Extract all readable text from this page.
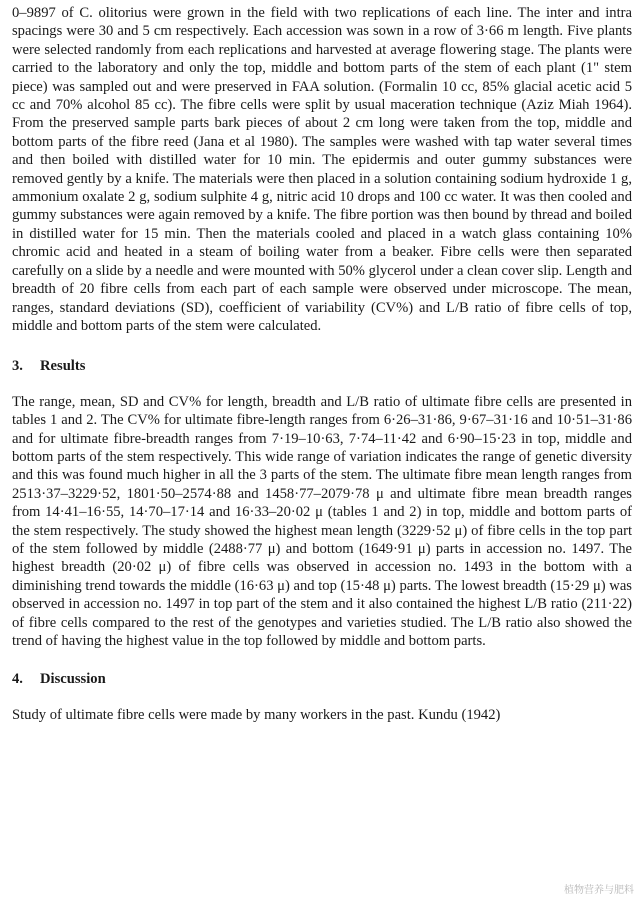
0–9897 of C. olitorius were grown in the field with two replications of each line. The inter and intra spacings were 30 and 5 cm respectively. Each accession was sown in a row of 3·66 m length. Five plants were selected randomly from each replications and harvested at average flowering stage. The plants were carried to the laboratory and only the top, middle and bottom parts of the stem of each plant (1" stem piece) was sampled out and were preserved in FAA solution. (Formalin 10 cc, 85% glacial acetic acid 5 cc and 70% alcohol 85 cc). The fibre cells were split by usual maceration technique (Aziz Miah 1964). From the preserved sample parts bark pieces of about 2 cm long were taken from the top, middle and bottom parts of the fibre reed (Jana et al 1980). The samples were washed with tap water several times and then boiled with distilled water for 10 min. The epidermis and outer gummy substances were removed gently by a knife. The materials were then placed in a solution containing sodium hydroxide 1 g, ammonium oxalate 2 g, sodium sulphite 4 g, nitric acid 10 drops and 100 cc water. It was then cooled and gummy substances were again removed by a knife. The fibre portion was then bound by thread and boiled in distilled water for 15 min. Then the materials cooled and placed in a watch glass containing 10% chromic acid and heated in a steam of boiling water from a beaker. Fibre cells were then separated carefully on a slide by a needle and were mounted with 50% glycerol under a clean cover slip. Length and breadth of 20 fibre cells from each part of each sample were observed under microscope. The mean, ranges, standard deviations (SD), coefficient of variability (CV%) and L/B ratio of fibre cells of top, middle and bottom parts of the stem were calculated.

3. Results

The range, mean, SD and CV% for length, breadth and L/B ratio of ultimate fibre cells are presented in tables 1 and 2. The CV% for ultimate fibre-length ranges from 6·26–31·86, 9·67–31·16 and 10·51–31·86 and for ultimate fibre-breadth ranges from 7·19–10·63, 7·74–11·42 and 6·90–15·23 in top, middle and bottom parts of the stem respectively. This wide range of variation indicates the range of genetic diversity and this was found much higher in all the 3 parts of the stem. The ultimate fibre mean length ranges from 2513·37–3229·52, 1801·50–2574·88 and 1458·77–2079·78 μ and ultimate fibre mean breadth ranges from 14·41–16·55, 14·70–17·14 and 16·33–20·02 μ (tables 1 and 2) in top, middle and bottom parts of the stem respectively. The study showed the highest mean length (3229·52 μ) of fibre cells in the top part of the stem followed by middle (2488·77 μ) and bottom (1649·91 μ) parts in accession no. 1497. The highest breadth (20·02 μ) of fibre cells was observed in accession no. 1493 in the bottom with a diminishing trend towards the middle (16·63 μ) and top (15·48 μ) parts. The lowest breadth (15·29 μ) was observed in accession no. 1497 in top part of the stem and it also contained the highest L/B ratio (211·22) of fibre cells compared to the rest of the genotypes and varieties studied. The L/B ratio also showed the trend of having the highest value in the top followed by middle and bottom parts.

4. Discussion

Study of ultimate fibre cells were made by many workers in the past. Kundu (1942)

植物营养与肥料
